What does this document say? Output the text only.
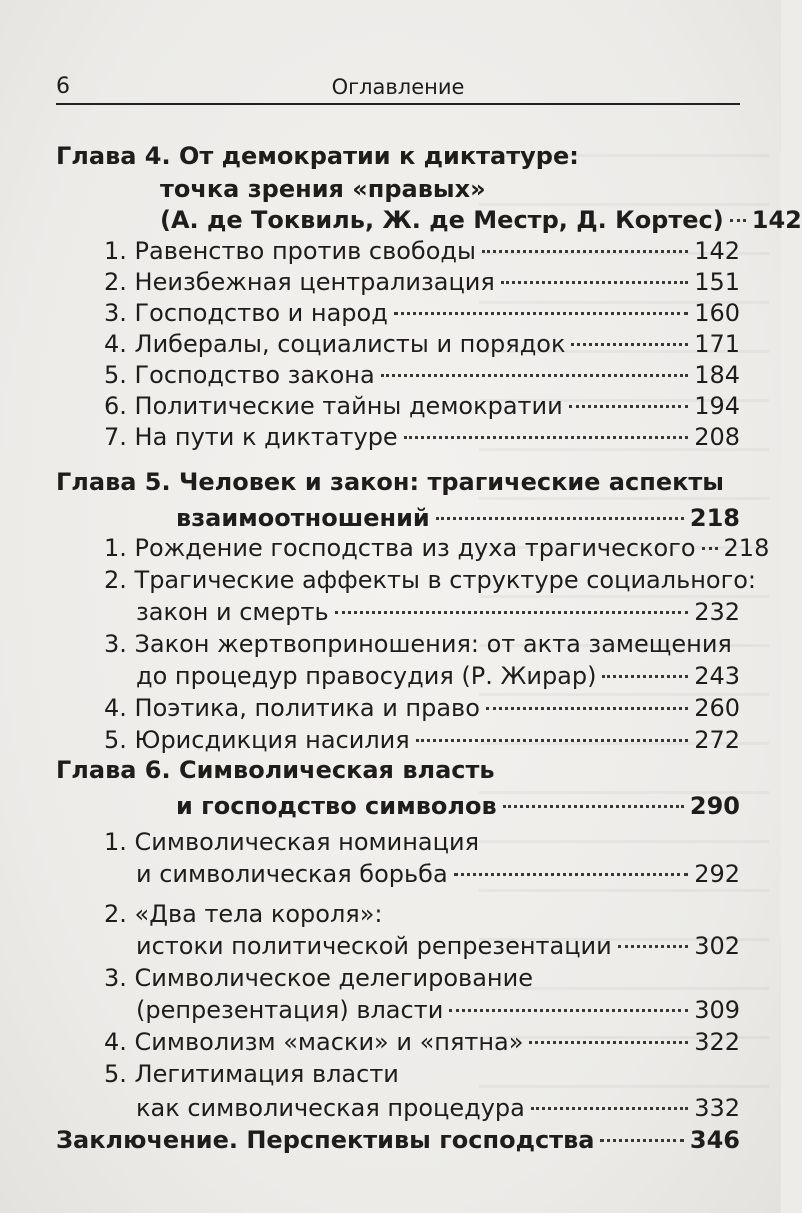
6	Оглавление
Глава 4. От демократии к диктатуре:
точка зрения «правых»
(А. де Токвиль, Ж. де Местр, Д. Кортес) 142
1. Равенство против свободы	142
2. Неизбежная централизация	151
3. Господство и народ	160
4. Либералы, социалисты и порядок	171
5. Господство закона	184
6. Политические тайны демократии	194
7. На пути к диктатуре	208
Глава 5. Человек и закон: трагические аспекты
взаимоотношений	218
1. Рождение господства из духа трагического 218
2. Трагические аффекты в структуре социального:
закон и смерть	232
3. Закон жертвоприношения: от акта замещения
до процедур правосудия (Р. Жирар)	243
4. Поэтика, политика и право	260
5. Юрисдикция насилия	272
Глава 6. Символическая власть
и господство символов	290
1. Символическая номинация
и символическая борьба	292
2. «Два тела короля»:
истоки политической репрезентации	302
3. Символическое делегирование
(репрезентация) власти	309
4. Символизм «маски» и «пятна»	322
5. Легитимация власти
как символическая процедура	332
Заключение. Перспективы господства	346
